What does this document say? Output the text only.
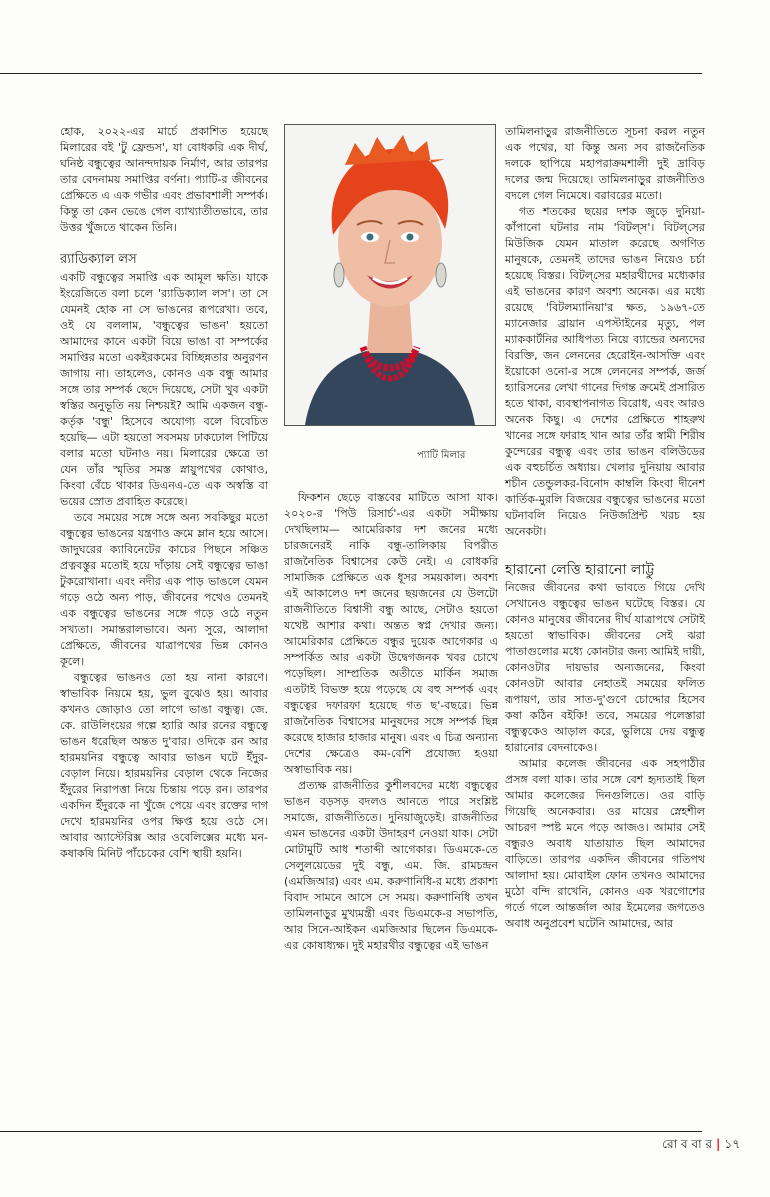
হোক, ২০২২-এর মার্চে প্রকাশিত হয়েছে মিলারের বই 'টু ফ্রেন্ডস', যা বোধকরি এক দীর্ঘ, ঘনিষ্ঠ বন্ধুত্বের আনন্দদায়ক নির্মাণ, আর তারপর তার বেদনাময় সমাপ্তির বর্ণনা। প্যাটি-র জীবনের প্রেক্ষিতে এ এক গভীর এবং প্রভাবশালী সম্পর্ক। কিন্তু তা কেন ভেঙে গেল ব্যাখ্যাতীতভাবে, তার উত্তর খুঁজতে থাকেন তিনি।

র‍্যাডিক্যাল লস

একটি বন্ধুত্বের সমাপ্তি এক আমূল ক্ষতি। যাকে ইংরেজিতে বলা চলে 'র‍্যাডিক্যাল লস'। তা সে যেমনই হোক না সে ভাঙনের রূপরেখা। তবে, ওই যে বললাম, 'বন্ধুত্বের ভাঙন' হয়তো আমাদের কানে একটা বিয়ে ভাঙা বা সম্পর্কের সমাপ্তির মতো একইরকমের বিচ্ছিন্নতার অনুরণন জাগায় না। তাহলেও, কোনও এক বন্ধু আমার সঙ্গে তার সম্পর্ক ছেদে দিয়েছে, সেটা খুব একটা স্বস্তির অনুভূতি নয় নিশ্চয়ই? আমি একজন বন্ধু-কর্তৃক 'বন্ধু' হিসেবে অযোগ্য বলে বিবেচিত হয়েছি— এটা হয়তো সবসময় ঢাকঢোল পিটিয়ে বলার মতো ঘটনাও নয়। মিলারের ক্ষেত্রে তা যেন তাঁর স্মৃতির সমস্ত স্নায়ুপথের কোথাও, কিংবা বেঁচে থাকার ডিএনএ-তে এক অস্বস্তি বা ভয়ের স্রোত প্রবাহিত করেছে।

তবে সময়ের সঙ্গে সঙ্গে অন্য সবকিছুর মতো বন্ধুত্বের ভাঙনের যন্ত্রণাও ক্রমে ম্লান হয়ে আসে। জাদুঘরের ক্যাবিনেটের কাচের পিছনে সঞ্চিত প্রত্নবস্তুর মতোই হয়ে দাঁড়ায় সেই বন্ধুত্বের ভাঙা টুকরোখানা। এবং নদীর এক পাড় ভাঙলে যেমন গড়ে ওঠে অন্য পাড়, জীবনের পথেও তেমনই এক বন্ধুত্বের ভাঙনের সঙ্গে গড়ে ওঠে নতুন সখ্যতা। সমান্তরালভাবে। অন্য সুরে, আলাদা প্রেক্ষিতে, জীবনের যাত্রাপথের ভিন্ন কোনও কূলে।

বন্ধুত্বের ভাঙনও তো হয় নানা কারণে। স্বাভাবিক নিয়মে হয়, ভুল বুঝেও হয়। আবার কখনও জোড়াও তো লাগে ভাঙা বন্ধুত্ব। জে. কে. রাউলিংয়ের গল্পে হ্যারি আর রনের বন্ধুত্বে ভাঙন ধরেছিল অন্তত দু'বার। ওদিকে রন আর হারময়নির বন্ধুত্বে আবার ভাঙন ঘটে ইঁদুর-বেড়াল নিয়ে। হারময়নির বেড়াল থেকে নিজের ইঁদুরের নিরাপত্তা নিয়ে চিন্তায় পড়ে রন। তারপর একদিন ইঁদুরকে না খুঁজে পেয়ে এবং রক্তের দাগ দেখে হারময়নির ওপর ক্ষিপ্ত হয়ে ওঠে সে। আবার অ্যাস্টেরিক্স আর ওবেলিক্সের মধ্যে মন-কষাকষি মিনিট পাঁচেকের বেশি স্থায়ী হয়নি।

প্যাটি মিলার

ফিকশন ছেড়ে বাস্তবের মাটিতে আসা যাক। ২০২০-র 'পিউ রিসার্চ'-এর একটা সমীক্ষায় দেখছিলাম— আমেরিকার দশ জনের মধ্যে চারজনেরই নাকি বন্ধু-তালিকায় বিপরীত রাজনৈতিক বিশ্বাসের কেউ নেই। এ বোধকরি সামাজিক প্রেক্ষিতে এক ধূসর সময়কাল। অবশ্য এই আকালেও দশ জনের ছয়জনের যে উলটো রাজনীতিতে বিশ্বাসী বন্ধু আছে, সেটাও হয়তো যথেষ্ট আশার কথা। অন্তত স্বপ্ন দেখার জন্য। আমেরিকার প্রেক্ষিতে বন্ধুর দুয়েক আগেকার এ সম্পর্কিত আর একটা উদ্বেগজনক খবর চোখে পড়েছিল। সাম্প্রতিক অতীতে মার্কিন সমাজ এতটাই বিভক্ত হয়ে পড়েছে যে বহু সম্পর্ক এবং বন্ধুত্বের দফারফা হয়েছে গত ছ'-বছরে। ভিন্ন রাজনৈতিক বিশ্বাসের মানুষদের সঙ্গে সম্পর্ক ছিন্ন করেছে হাজার হাজার মানুষ। এবং এ চিত্র অন্যান্য দেশের ক্ষেত্রেও কম-বেশি প্রযোজ্য হওয়া অস্বাভাবিক নয়।

প্রত্যক্ষ রাজনীতির কুশীলবদের মধ্যে বন্ধুত্বের ভাঙন বড়সড় বদলও আনতে পারে সংশ্লিষ্ট সমাজে, রাজনীতিতে। দুনিয়াজুড়েই। রাজনীতির এমন ভাঙনের একটা উদাহরণ নেওয়া যাক। সেটা মোটামুটি আধ শতাব্দী আগেকার। ডিএমকে-তে সেলুলয়েডের দুই বন্ধু, এম. জি. রামচন্দ্রন (এমজিআর) এবং এম. করুণানিধি-র মধ্যে প্রকাশ্য বিবাদ সামনে আসে সে সময়। করুণানিধি তখন তামিলনাড়ুর মুখ্যমন্ত্রী এবং ডিএমকে-র সভাপতি, আর সিনে-আইকন এমজিআর ছিলেন ডিএমকে-এর কোষাধ্যক্ষ। দুই মহারথীর বন্ধুত্বের এই ভাঙন

তামিলনাড়ুর রাজনীতিতে সূচনা করল নতুন এক পথের, যা কিন্তু অন্য সব রাজনৈতিক দলকে ছাপিয়ে মহাপরাক্রমশালী দুই দ্রাবিড় দলের জন্ম দিয়েছে। তামিলনাড়ুর রাজনীতিও বদলে গেল নিমেষে। বরাবরের মতো।

গত শতকের ছয়ের দশক জুড়ে দুনিয়া-কাঁপানো ঘটনার নাম 'বিটল্‌স'। বিটল্‌সের মিউজিক যেমন মাতাল করেছে অগণিত মানুষকে, তেমনই তাদের ভাঙন নিয়েও চর্চা হয়েছে বিস্তর। বিটল্‌সের মহারথীদের মধ্যেকার এই ভাঙনের কারণ অবশ্য অনেক। এর মধ্যে রয়েছে 'বিটলম্যানিয়া'র ক্ষত, ১৯৬৭-তে ম্যানেজার ব্রায়ান এপস্টাইনের মৃত্যু, পল ম্যাককার্টনির আধিপত্য নিয়ে ব্যান্ডের অন্যদের বিরক্তি, জন লেননের হেরোইন-আসক্তি এবং ইয়োকো ওনো-র সঙ্গে লেননের সম্পর্ক, জর্জ হ্যারিসনের লেখা গানের দিগন্ত ক্রমেই প্রসারিত হতে থাকা, ব্যবস্থাপনাগত বিরোধ, এবং আরও অনেক কিছু। এ দেশের প্রেক্ষিতে শাহরুখ খানের সঙ্গে ফারাহ খান আর তাঁর স্বামী শিরীষ কুন্দেরের বন্ধুত্ব এবং তার ভাঙন বলিউডের এক বহুচর্চিত অধ্যায়। খেলার দুনিয়ায় আবার শচীন তেন্ডুলকর-বিনোদ কাম্বলি কিংবা দীনেশ কার্তিক-মুরলি বিজয়ের বন্ধুত্বের ভাঙনের মতো ঘটনাবলি নিয়েও নিউজপ্রিন্ট খরচ হয় অনেকটা।

হারানো লেত্তি হারানো লাট্টু

নিজের জীবনের কথা ভাবতে গিয়ে দেখি সেখানেও বন্ধুত্বের ভাঙন ঘটেছে বিস্তর। যে কোনও মানুষের জীবনের দীর্ঘ যাত্রাপথে সেটাই হয়তো স্বাভাবিক। জীবনের সেই ঝরা পাতাগুলোর মধ্যে কোনটার জন্য আমিই দায়ী, কোনওটার দায়ভার অন্যজনের, কিংবা কোনওটা আবার নেহাতই সময়ের ফলিত রূপায়ণ, তার সাত-দু'গুণে চোদ্দোর হিসেব কষা কঠিন বইকি! তবে, সময়ের পলেস্তারা বন্ধুত্বকেও আড়াল করে, ভুলিয়ে দেয় বন্ধুত্ব হারানোর বেদনাকেও।

আমার কলেজ জীবনের এক সহপাঠীর প্রসঙ্গ বলা যাক। তার সঙ্গে বেশ হৃদ্যতাই ছিল আমার কলেজের দিনগুলিতে। ওর বাড়ি গিয়েছি অনেকবার। ওর মায়ের স্নেহশীল আচরণ স্পষ্ট মনে পড়ে আজও। আমার সেই বন্ধুরও অবাধ যাতায়াত ছিল আমাদের বাড়িতে। তারপর একদিন জীবনের গতিপথ আলাদা হয়। মোবাইল ফোন তখনও আমাদের মুঠো বন্দি রাখেনি, কোনও এক খরগোশের গর্তে গলে আন্তর্জাল আর ইমেলের জগতেও অবাধ অনুপ্রবেশ ঘটেনি আমাদের, আর

রো ব বা র | ১৭
